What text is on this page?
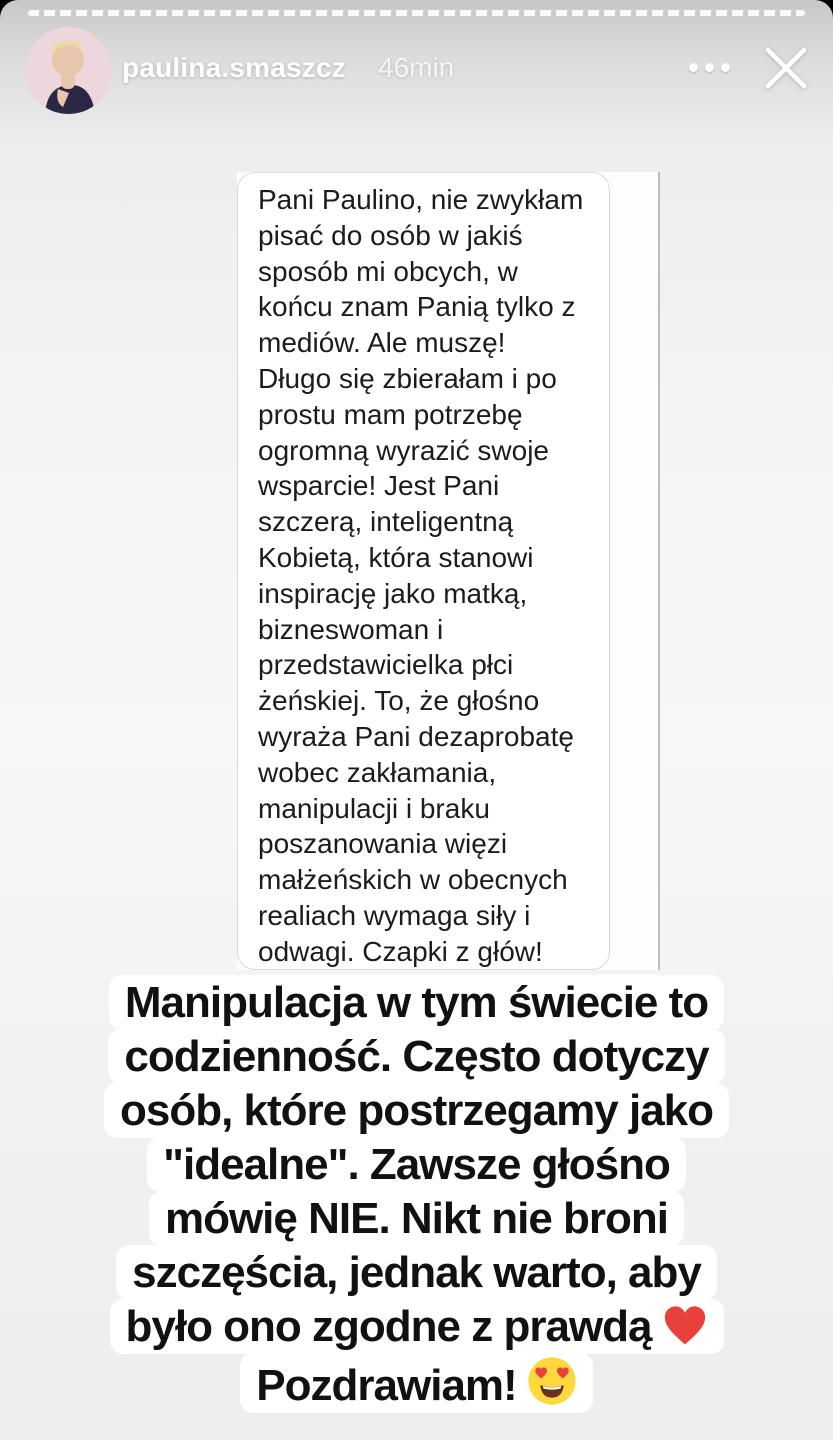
paulina.smaszcz 46min
Pani Paulino, nie zwykłam
pisać do osób w jakiś
sposób mi obcych, w
końcu znam Panią tylko z
mediów. Ale muszę!
Długo się zbierałam i po
prostu mam potrzebę
ogromną wyrazić swoje
wsparcie! Jest Pani
szczerą, inteligentną
Kobietą, która stanowi
inspirację jako matką,
bizneswoman i
przedstawicielka płci
żeńskiej. To, że głośno
wyraża Pani dezaprobatę
wobec zakłamania,
manipulacji i braku
poszanowania więzi
małżeńskich w obecnych
realiach wymaga siły i
odwagi. Czapki z głów!
Manipulacja w tym świecie to
codzienność. Często dotyczy
osób, które postrzegamy jako
"idealne". Zawsze głośno
mówię NIE. Nikt nie broni
szczęścia, jednak warto, aby
było ono zgodne z prawdą
Pozdrawiam!
